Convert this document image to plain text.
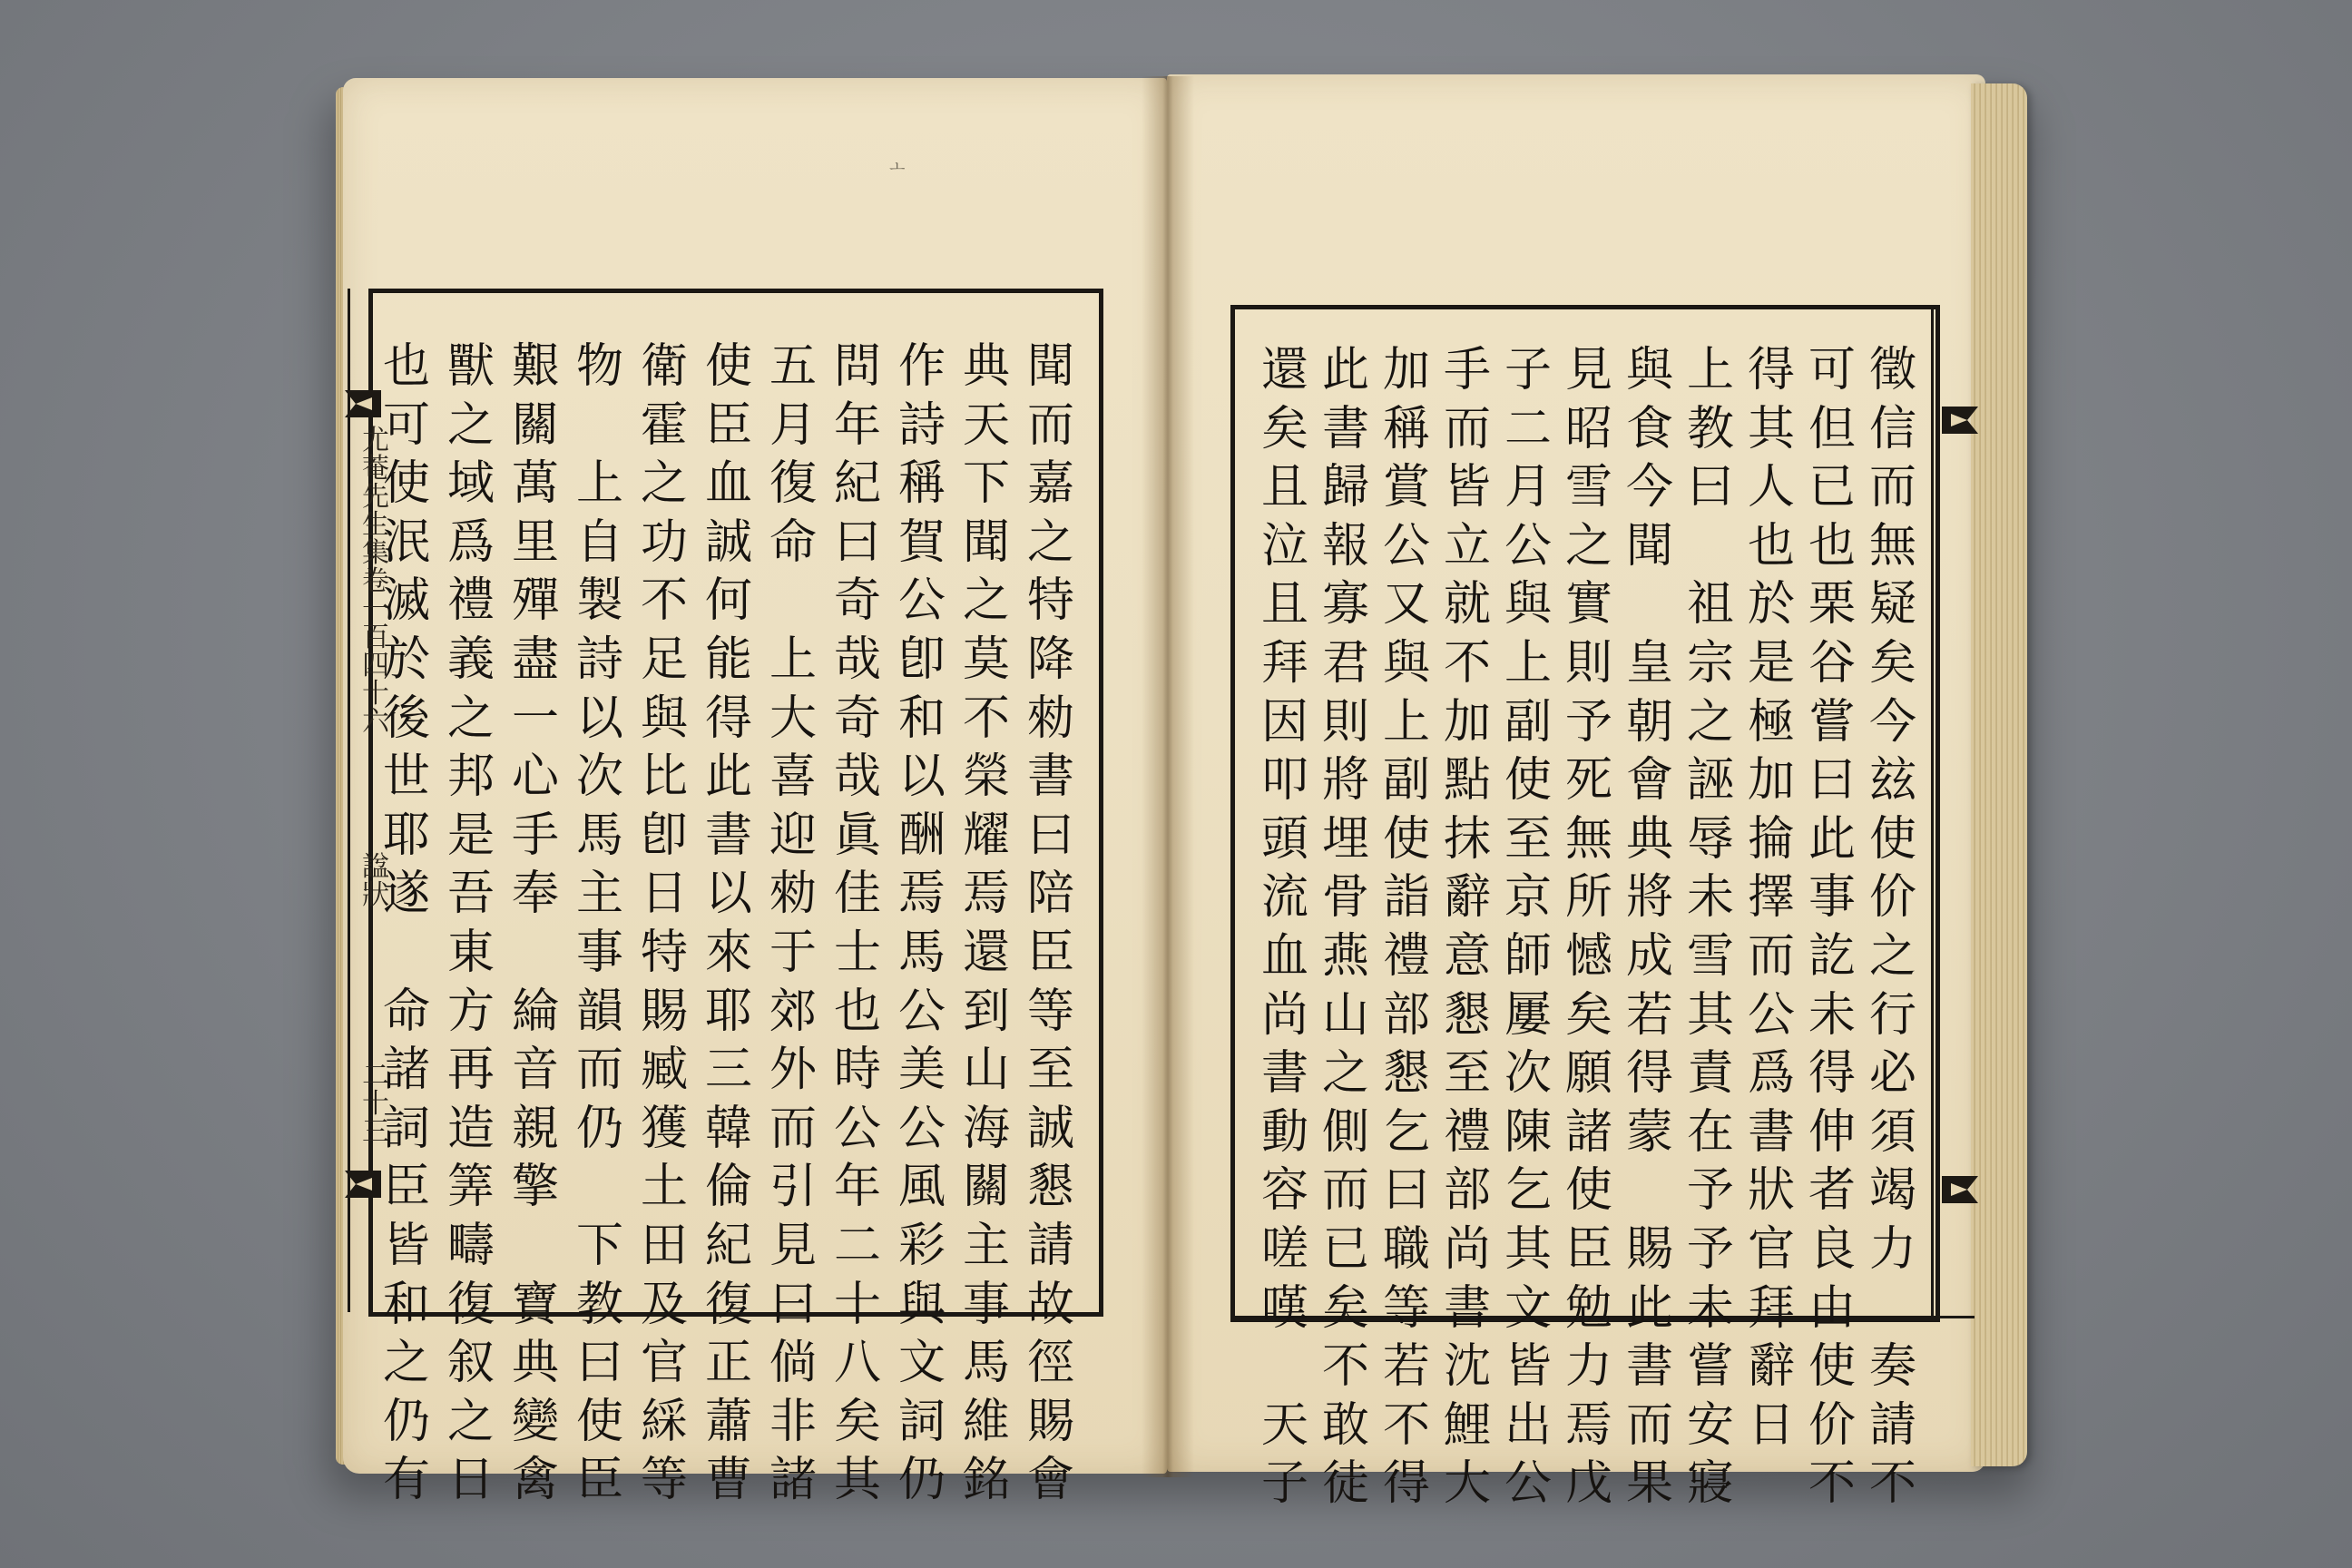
ㅗ
尤
菴
先
生
集
卷
一
百
四
十
六
諡
狀
二
十
三
聞
而
嘉
之
特
降
勑
書
曰
陪
臣
等
至
誠
懇
請
故
徑
賜
會
典
天
下
聞
之
莫
不
榮
耀
焉
還
到
山
海
關
主
事
馬
維
銘
作
詩
稱
賀
公
卽
和
以
酬
焉
馬
公
美
公
風
彩
與
文
詞
仍
問
年
紀
曰
奇
哉
奇
哉
眞
佳
士
也
時
公
年
二
十
八
矣
其
五
月
復
命

上
大
喜
迎
勑
于
郊
外
而
引
見
曰
倘
非
諸
使
臣
血
誠
何
能
得
此
書
以
來
耶
三
韓
倫
紀
復
正
蕭
曹
衛
霍
之
功
不
足
與
比
卽
日
特
賜
臧
獲
土
田
及
官
綵
等
物

上
自
製
詩
以
次
馬
主
事
韻
而
仍

下
教
曰
使
臣
艱
關
萬
里
殫
盡
一
心
手
奉

綸
音
親
擎

寶
典
變
禽
獸
之
域
爲
禮
義
之
邦
是
吾
東
方
再
造
筭
疇
復
叙
之
日
也
可
使
泯
滅
於
後
世
耶
遂

命
諸
詞
臣
皆
和
之
仍
有
徵
信
而
無
疑
矣
今
玆
使
价
之
行
必
須
竭
力

奏
請
不
可
但
已
也
栗
谷
嘗
曰
此
事
訖
未
得
伸
者
良
由
使
价
不
得
其
人
也
於
是
極
加
掄
擇
而
公
爲
書
狀
官
拜
辭
日
上
教
曰

祖
宗
之
誣
辱
未
雪
其
責
在
予
予
未
嘗
安
寢
與
食
今
聞

皇
朝
會
典
將
成
若
得
蒙

賜
此
書
而
果
見
昭
雪
之
實
則
予
死
無
所
憾
矣
願
諸
使
臣
勉
力
焉
戊
子
二
月
公
與
上
副
使
至
京
師
屢
次
陳
乞
其
文
皆
出
公
手
而
皆
立
就
不
加
點
抹
辭
意
懇
至
禮
部
尚
書
沈
鯉
大
加
稱
賞
公
又
與
上
副
使
詣
禮
部
懇
乞
曰
職
等
若
不
得
此
書
歸
報
寡
君
則
將
埋
骨
燕
山
之
側
而
已
矣
不
敢
徒
還
矣
且
泣
且
拜
因
叩
頭
流
血
尚
書
動
容
嗟
嘆

天
子
